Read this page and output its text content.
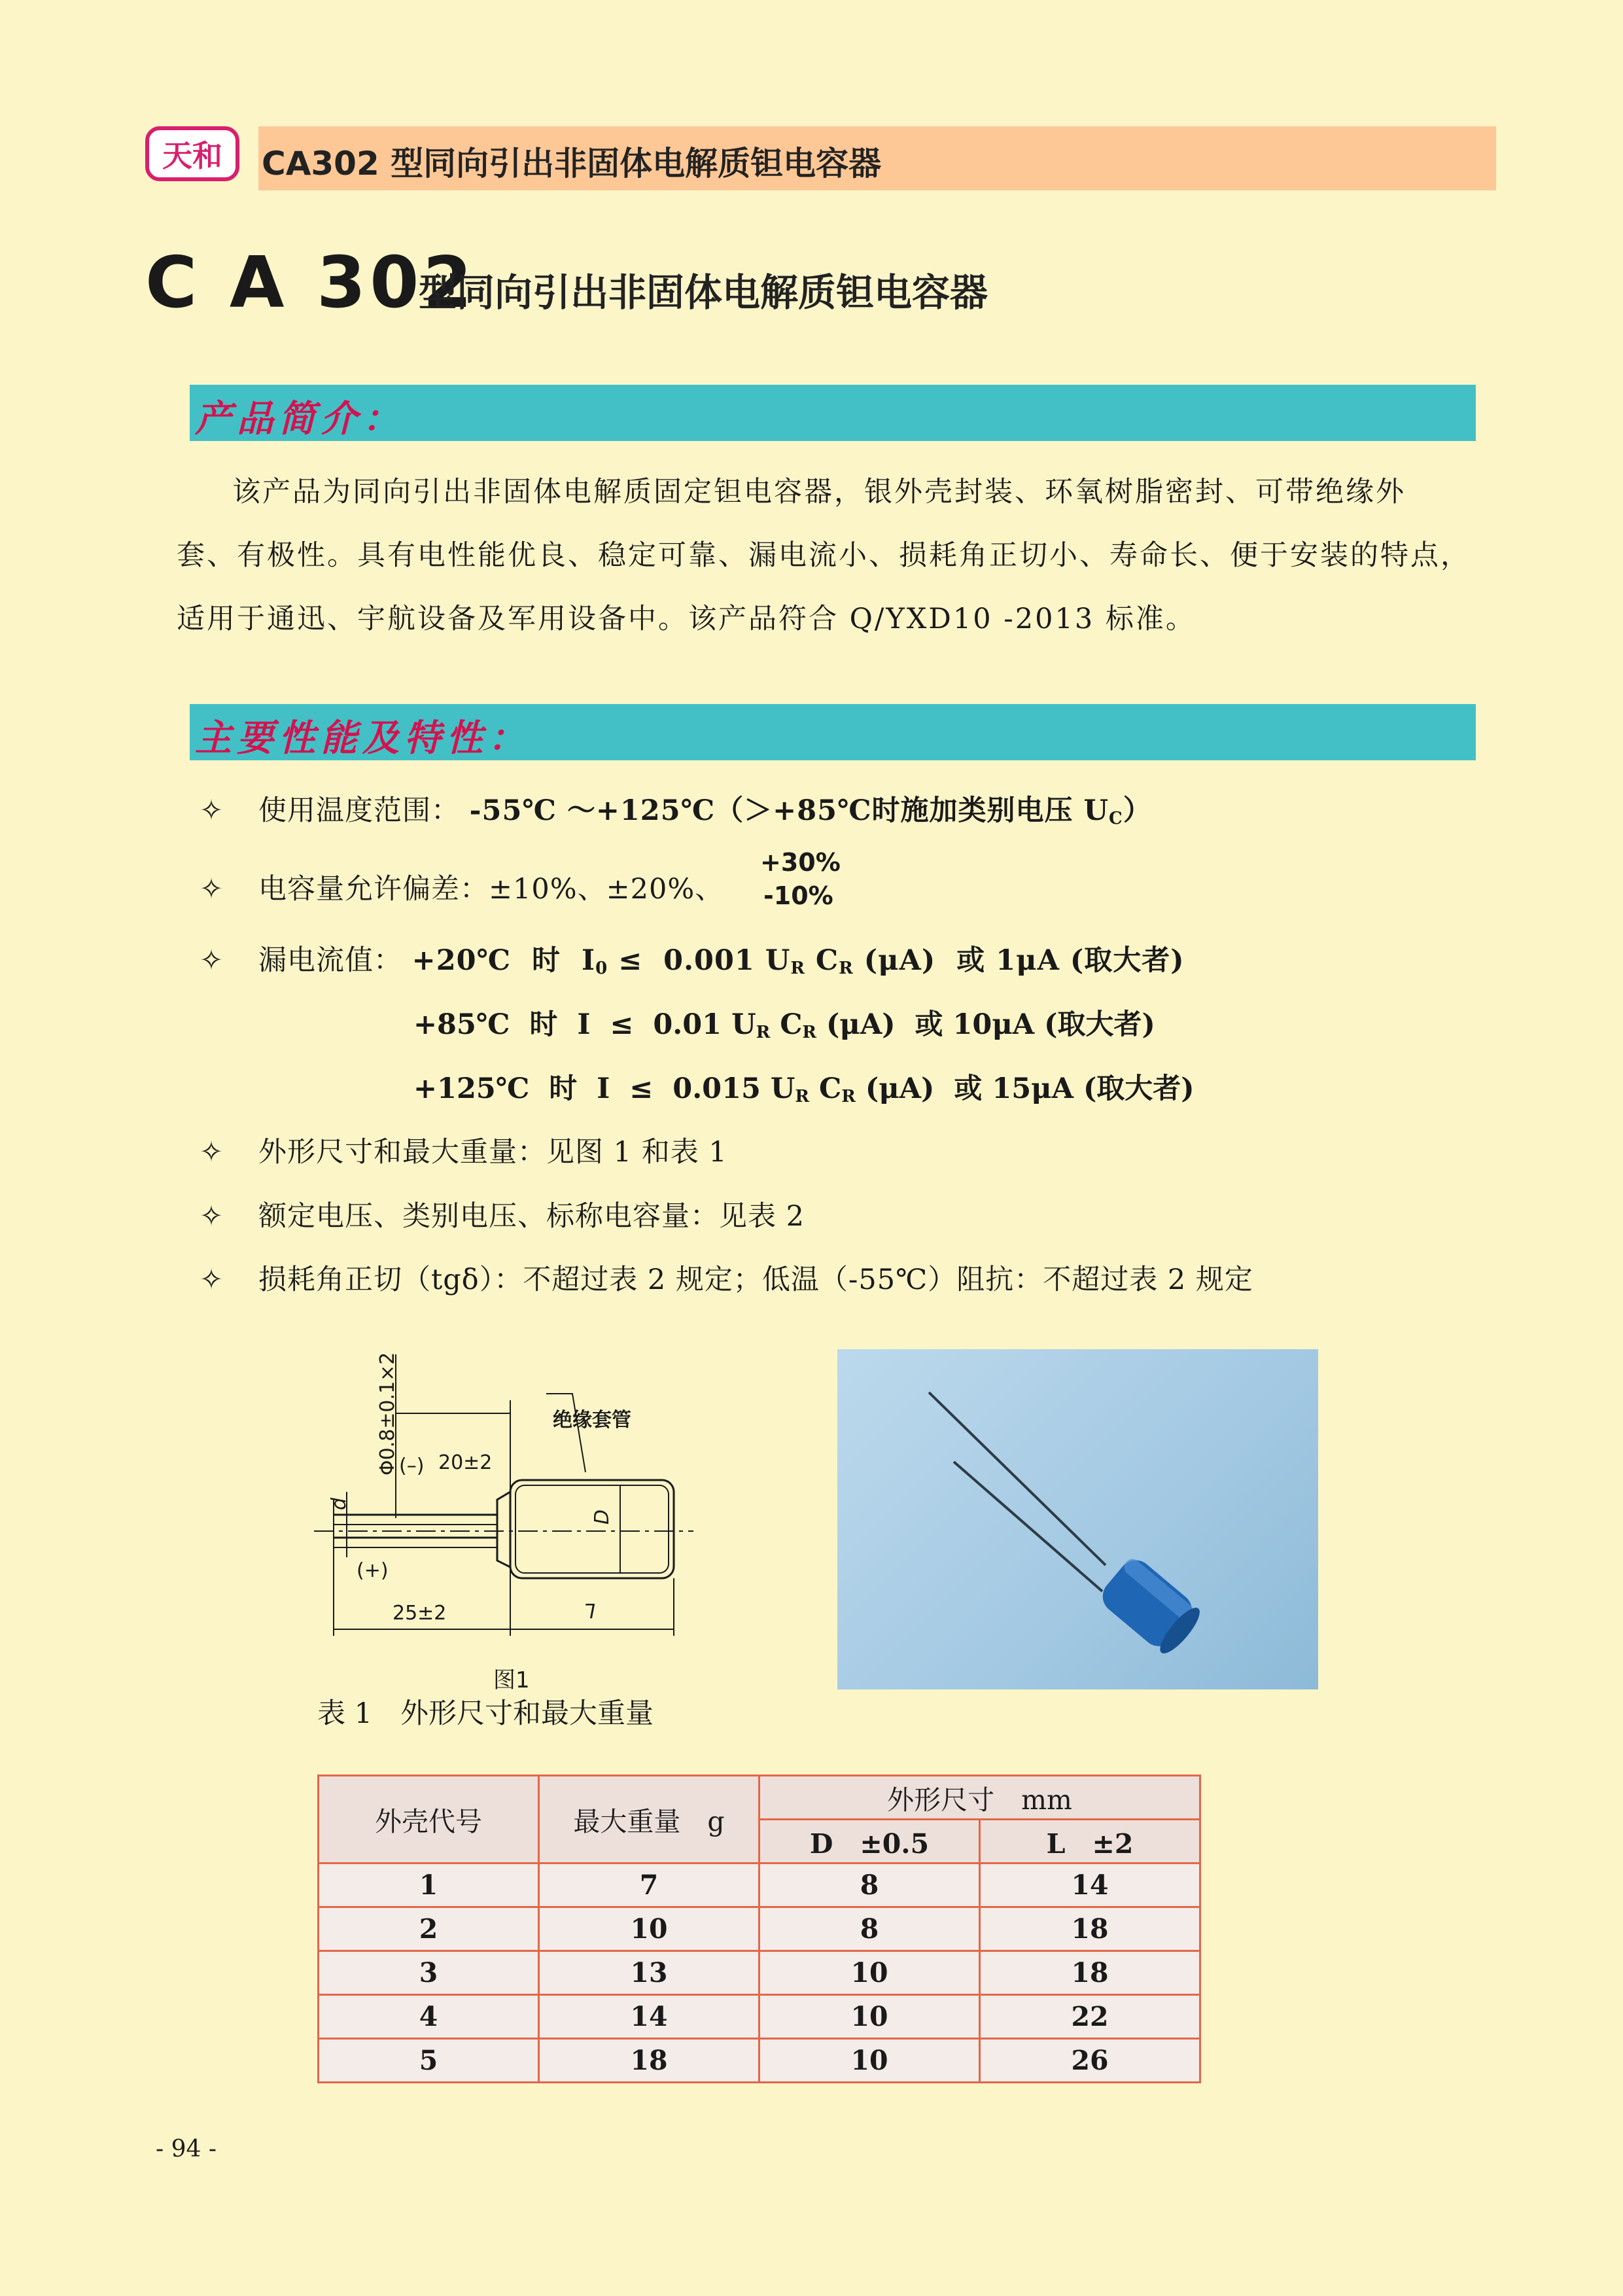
天和 CA302 型同向引出非固体电解质钽电容器
C A 302
型同向引出非固体电解质钽电容器
产品简介：
该产品为同向引出非固体电解质固定钽电容器，银外壳封装、环氧树脂密封、可带绝缘外
套、有极性。具有电性能优良、稳定可靠、漏电流小、损耗角正切小、寿命长、便于安装的特点，
适用于通迅、宇航设备及军用设备中。该产品符合 Q/YXD10 -2013 标准。
主要性能及特性：
✧ 使用温度范围： -55℃ ～+125℃（＞+85℃时施加类别电压 $U_C$）
✧ 电容量允许偏差：±10%、±20%、
+30%
-10%
✧ 漏电流值： +20℃ 时 $I_0 \le 0.001$ $U_R$ $C_R$ (μA) 或 1μA (取大者)
+85℃ 时 I ≤ 0.01 $U_R$ $C_R$ (μA) 或 10μA (取大者)
+125℃ 时 I ≤ 0.015 $U_R$ $C_R$ (μA) 或 15μA (取大者)
✧ 外形尺寸和最大重量：见图 1 和表 1
✧ 额定电压、类别电压、标称电容量：见表 2
✧ 损耗角正切（tgδ）：不超过表 2 规定；低温（-55℃）阻抗：不超过表 2 规定
Φ0.8±0.1×2 (–) 20±2
绝缘套管
(+)
25±2
d
D
L
图1
表 1　外形尺寸和最大重量
外壳代号	最大重量　g	外形尺寸　mm	
		D　±0.5	L　±2
1	7	8	14
2	10	8	18
3	13	10	18
4	14	10	22
5	18	10	26
- 94 -
